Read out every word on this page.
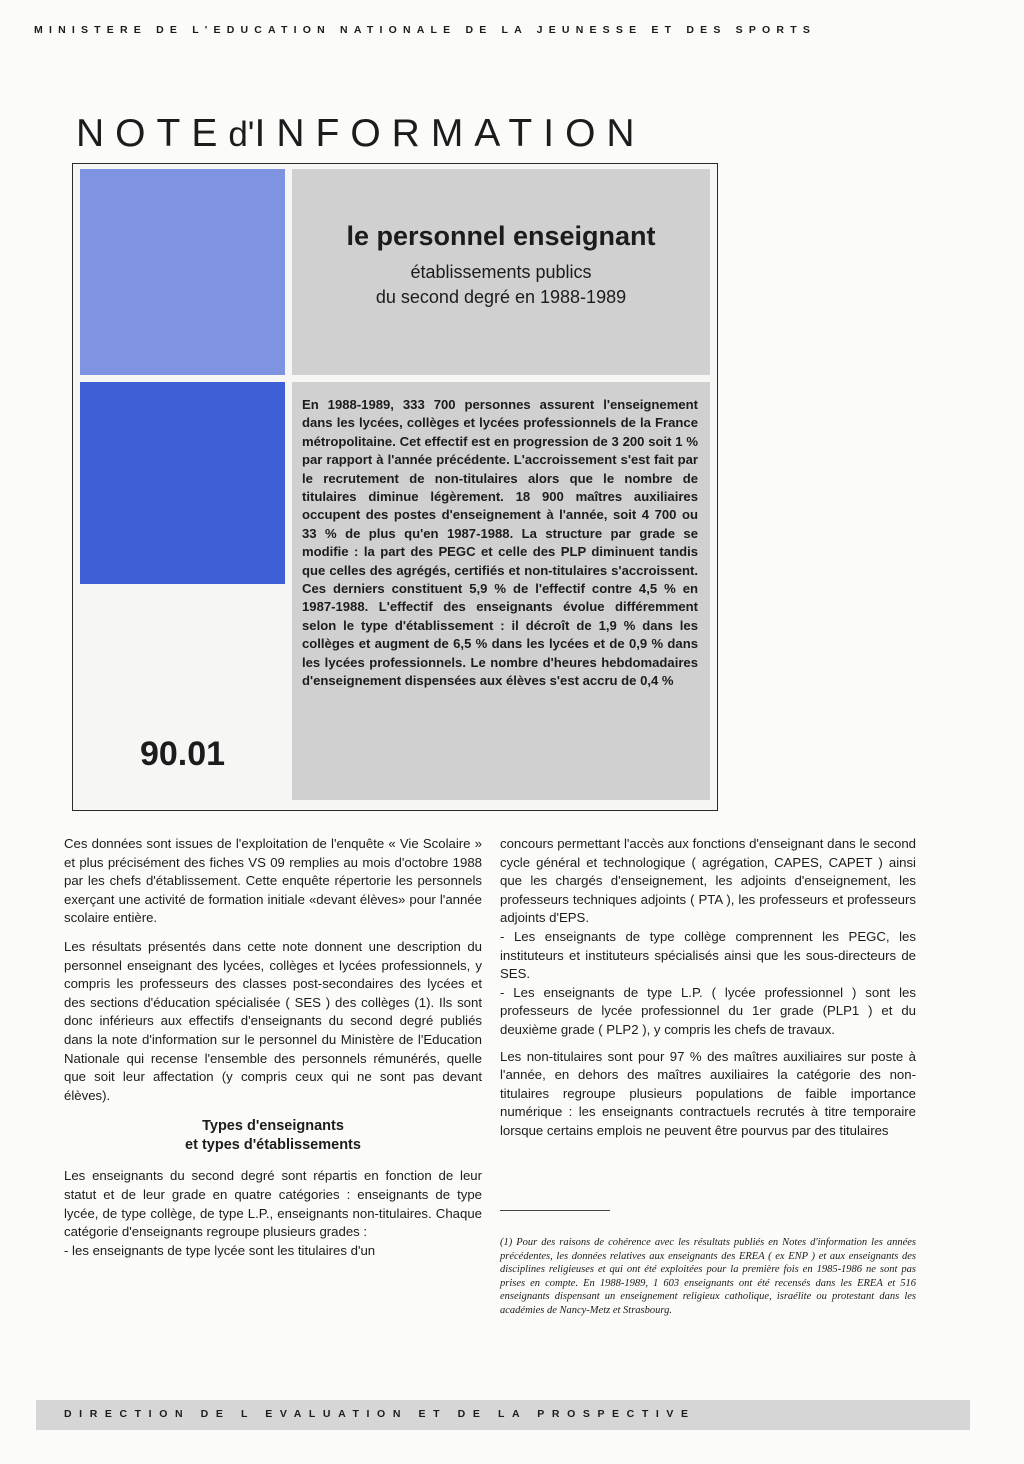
MINISTERE DE L'EDUCATION NATIONALE DE LA JEUNESSE ET DES SPORTS

NOTEd'INFORMATION

90.01

le personnel enseignant
établissements publics
du second degré en 1988-1989

En 1988-1989, 333 700 personnes assurent l'enseignement dans les lycées, collèges et lycées professionnels de la France métropolitaine. Cet effectif est en progression de 3 200 soit 1 % par rapport à l'année précédente. L'accroissement s'est fait par le recrutement de non-titulaires alors que le nombre de titulaires diminue légèrement. 18 900 maîtres auxiliaires occupent des postes d'enseignement à l'année, soit 4 700 ou 33 % de plus qu'en 1987-1988. La structure par grade se modifie : la part des PEGC et celle des PLP diminuent tandis que celles des agrégés, certifiés et non-titulaires s'accroissent. Ces derniers constituent 5,9 % de l'effectif contre 4,5 % en 1987-1988. L'effectif des enseignants évolue différemment selon le type d'établissement : il décroît de 1,9 % dans les collèges et augment de 6,5 % dans les lycées et de 0,9 % dans les lycées professionnels. Le nombre d'heures hebdomadaires d'enseignement dispensées aux élèves s'est accru de 0,4 %

Ces données sont issues de l'exploitation de l'enquête « Vie Scolaire » et plus précisément des fiches VS 09 remplies au mois d'octobre 1988 par les chefs d'établissement. Cette enquête répertorie les personnels exerçant une activité de formation initiale «devant élèves» pour l'année scolaire entière.

Les résultats présentés dans cette note donnent une description du personnel enseignant des lycées, collèges et lycées professionnels, y compris les professeurs des classes post-secondaires des lycées et des sections d'éducation spécialisée ( SES ) des collèges (1). Ils sont donc inférieurs aux effectifs d'enseignants du second degré publiés dans la note d'information sur le personnel du Ministère de l'Education Nationale qui recense l'ensemble des personnels rémunérés, quelle que soit leur affectation (y compris ceux qui ne sont pas devant élèves).

Types d'enseignants
et types d'établissements

Les enseignants du second degré sont répartis en fonction de leur statut et de leur grade en quatre catégories : enseignants de type lycée, de type collège, de type L.P., enseignants non-titulaires. Chaque catégorie d'enseignants regroupe plusieurs grades :

- les enseignants de type lycée sont les titulaires d'un

concours permettant l'accès aux fonctions d'enseignant dans le second cycle général et technologique ( agrégation, CAPES, CAPET ) ainsi que les chargés d'enseignement, les adjoints d'enseignement, les professeurs techniques adjoints ( PTA ), les professeurs et professeurs adjoints d'EPS.

- Les enseignants de type collège comprennent les PEGC, les instituteurs et instituteurs spécialisés ainsi que les sous-directeurs de SES.

- Les enseignants de type L.P. ( lycée professionnel ) sont les professeurs de lycée professionnel du 1er grade (PLP1 ) et du deuxième grade ( PLP2 ), y compris les chefs de travaux.

Les non-titulaires sont pour 97 % des maîtres auxiliaires sur poste à l'année, en dehors des maîtres auxiliaires la catégorie des non-titulaires regroupe plusieurs populations de faible importance numérique : les enseignants contractuels recrutés à titre temporaire lorsque certains emplois ne peuvent être pourvus par des titulaires

(1) Pour des raisons de cohérence avec les résultats publiés en Notes d'information les années précédentes, les données relatives aux enseignants des EREA ( ex ENP ) et aux enseignants des disciplines religieuses et qui ont été exploitées pour la première fois en 1985-1986 ne sont pas prises en compte. En 1988-1989, 1 603 enseignants ont été recensés dans les EREA et 516 enseignants dispensant un enseignement religieux catholique, israélite ou protestant dans les académies de Nancy-Metz et Strasbourg.

DIRECTION DE L EVALUATION ET DE LA PROSPECTIVE
